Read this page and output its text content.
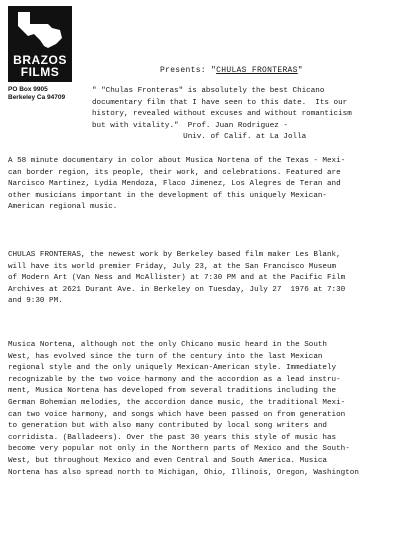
BRAZOS
FILMS
PO Box 9905
Berkeley Ca 94709
Presents: "CHULAS FRONTERAS"
" "Chulas Fronteras" is absolutely the best Chicano
documentary film that I have seen to this date.  Its our
history, revealed without excuses and without romanticism
but with vitality."  Prof. Juan Rodriguez -
Univ. of Calif. at La Jolla
A 58 minute documentary in color about Musica Nortena of the Texas - Mexi-
can border region, its people, their work, and celebrations. Featured are
Narcisco Martinez, Lydia Mendoza, Flaco Jimenez, Los Alegres de Teran and
other musicians important in the development of this uniquely Mexican-
American regional music.
CHULAS FRONTERAS, the newest work by Berkeley based film maker Les Blank,
will have its world premier Friday, July 23, at the San Francisco Museum
of Modern Art (Van Ness and McAllister) at 7:30 PM and at the Pacific Film
Archives at 2621 Durant Ave. in Berkeley on Tuesday, July 27  1976 at 7:30
and 9:30 PM.
Musica Nortena, although not the only Chicano music heard in the South
West, has evolved since the turn of the century into the last Mexican
regional style and the only uniquely Mexican-American style. Immediately
recognizable by the two voice harmony and the accordion as a lead instru-
ment, Musica Nortena has developed from several traditions including the
German Bohemian melodies, the accordion dance music, the traditional Mexi-
can two voice harmony, and songs which have been passed on from generation
to generation but with also many contributed by local song writers and
corridista. (Balladeers). Over the past 30 years this style of music has
become very popular not only in the Northern parts of Mexico and the South-
West, but throughout Mexico and even Central and South America. Musica
Nortena has also spread north to Michigan, Ohio, Illinois, Oregon, Washington
